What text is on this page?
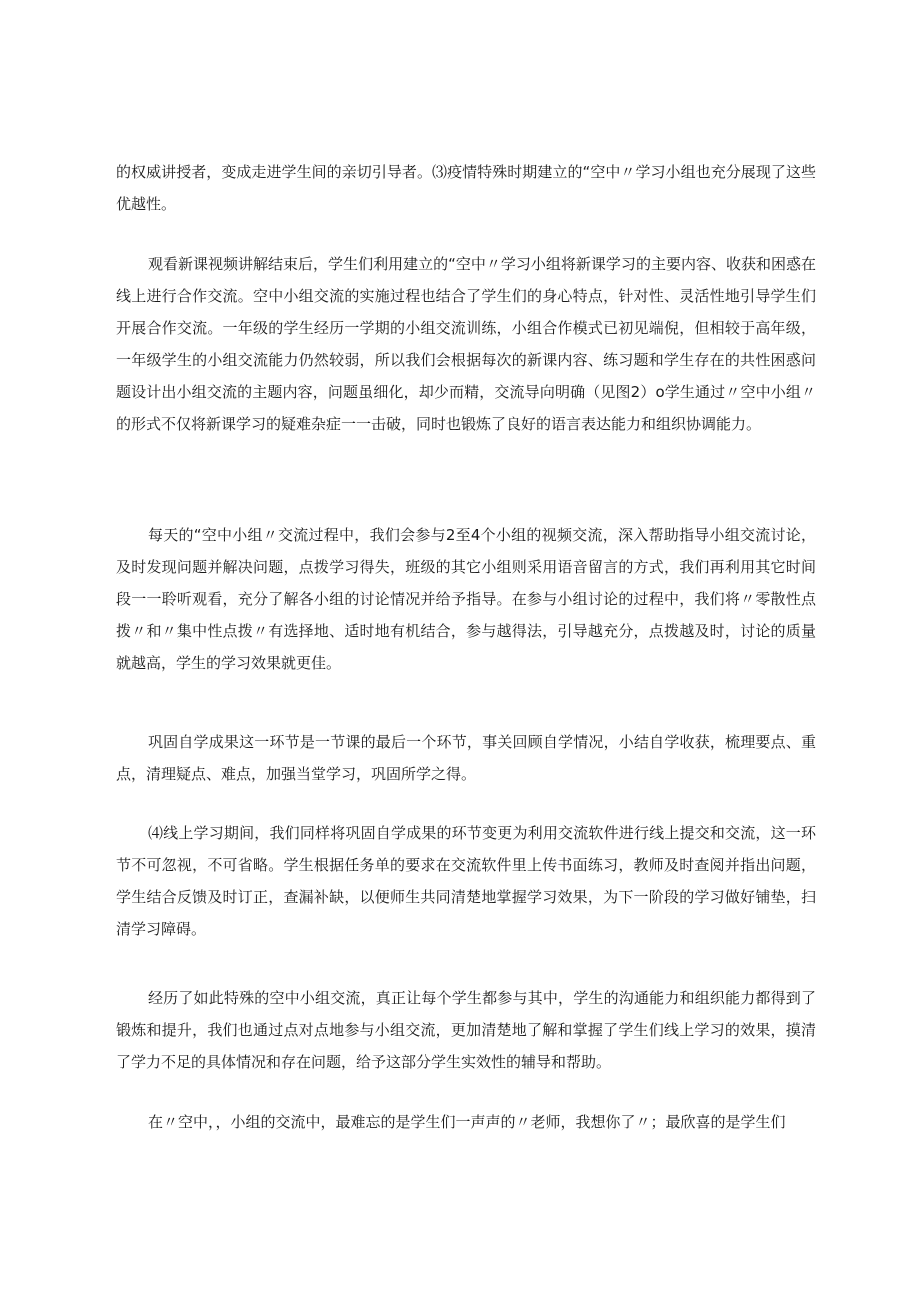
的权威讲授者，变成走进学生间的亲切引导者。⑶疫情特殊时期建立的“空中〃学习小组也充分展现了这些优越性。

观看新课视频讲解结束后，学生们利用建立的“空中〃学习小组将新课学习的主要内容、收获和困惑在线上进行合作交流。空中小组交流的实施过程也结合了学生们的身心特点，针对性、灵活性地引导学生们开展合作交流。一年级的学生经历一学期的小组交流训练，小组合作模式已初见端倪，但相较于高年级，一年级学生的小组交流能力仍然较弱，所以我们会根据每次的新课内容、练习题和学生存在的共性困惑问题设计出小组交流的主题内容，问题虽细化，却少而精，交流导向明确（见图2）o学生通过〃空中小组〃的形式不仅将新课学习的疑难杂症一一击破，同时也锻炼了良好的语言表达能力和组织协调能力。

每天的“空中小组〃交流过程中，我们会参与2至4个小组的视频交流，深入帮助指导小组交流讨论，及时发现问题并解决问题，点拨学习得失，班级的其它小组则采用语音留言的方式，我们再利用其它时间段一一聆听观看，充分了解各小组的讨论情况并给予指导。在参与小组讨论的过程中，我们将〃零散性点拨〃和〃集中性点拨〃有选择地、适时地有机结合，参与越得法，引导越充分，点拨越及时，讨论的质量就越高，学生的学习效果就更佳。

巩固自学成果这一环节是一节课的最后一个环节，事关回顾自学情况，小结自学收获，梳理要点、重点，清理疑点、难点，加强当堂学习，巩固所学之得。

⑷线上学习期间，我们同样将巩固自学成果的环节变更为利用交流软件进行线上提交和交流，这一环节不可忽视，不可省略。学生根据任务单的要求在交流软件里上传书面练习，教师及时查阅并指出问题，学生结合反馈及时订正，查漏补缺，以便师生共同清楚地掌握学习效果，为下一阶段的学习做好铺垫，扫清学习障碍。

经历了如此特殊的空中小组交流，真正让每个学生都参与其中，学生的沟通能力和组织能力都得到了锻炼和提升，我们也通过点对点地参与小组交流，更加清楚地了解和掌握了学生们线上学习的效果，摸清了学力不足的具体情况和存在问题，给予这部分学生实效性的辅导和帮助。

在〃空中，，小组的交流中，最难忘的是学生们一声声的〃老师，我想你了〃；最欣喜的是学生们
